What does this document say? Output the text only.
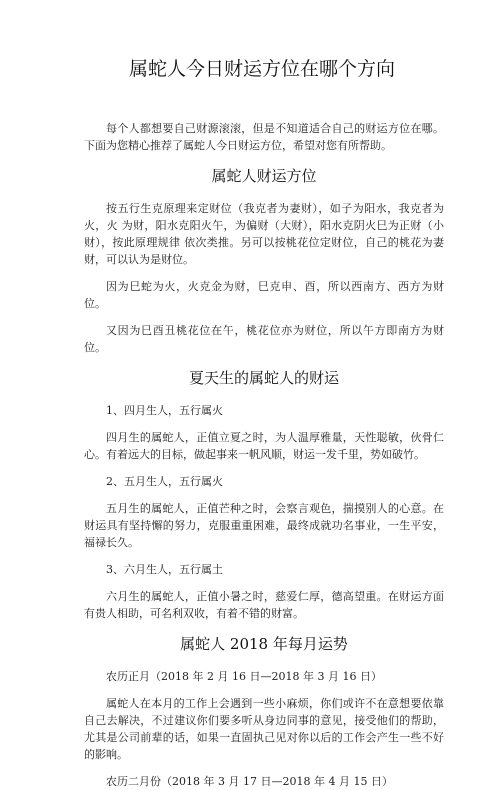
属蛇人今日财运方位在哪个方向

每个人都想要自己财源滚滚，但是不知道适合自己的财运方位在哪。下面为您精心推荐了属蛇人今日财运方位，希望对您有所帮助。

属蛇人财运方位

按五行生克原理来定财位（我克者为妻财），如子为阳水，我克者为火，火 为财，阳水克阳火午，为偏财（大财），阳水克阴火巳为正财（小财），按此原理规律 依次类推。另可以按桃花位定财位，自己的桃花为妻财，可以认为是财位。

因为巳蛇为火，火克金为财，巳克申、酉，所以西南方、西方为财位。

又因为巳酉丑桃花位在午，桃花位亦为财位，所以午方即南方为财位。

夏天生的属蛇人的财运

1、四月生人，五行属火

四月生的属蛇人，正值立夏之时，为人温厚雅量，天性聪敏，伙骨仁心。有着远大的目标，做起事来一帆风顺，财运一发千里，势如破竹。

2、五月生人，五行属火

五月生的属蛇人，正值芒种之时，会察言观色，揣摸别人的心意。在财运具有坚持懈的努力，克服重重困难，最终成就功名事业，一生平安，福禄长久。

3、六月生人，五行属土

六月生的属蛇人，正值小暑之时，慈爱仁厚，德高望重。在财运方面有贵人相助，可名利双收，有着不错的财富。

属蛇人 2018 年每月运势

农历正月（2018 年 2 月 16 日—2018 年 3 月 16 日）

属蛇人在本月的工作上会遇到一些小麻烦，你们或许不在意想要依靠自己去解决，不过建议你们要多听从身边同事的意见，接受他们的帮助，尤其是公司前辈的话，如果一直固执己见对你以后的工作会产生一些不好的影响。

农历二月份（2018 年 3 月 17 日—2018 年 4 月 15 日）
